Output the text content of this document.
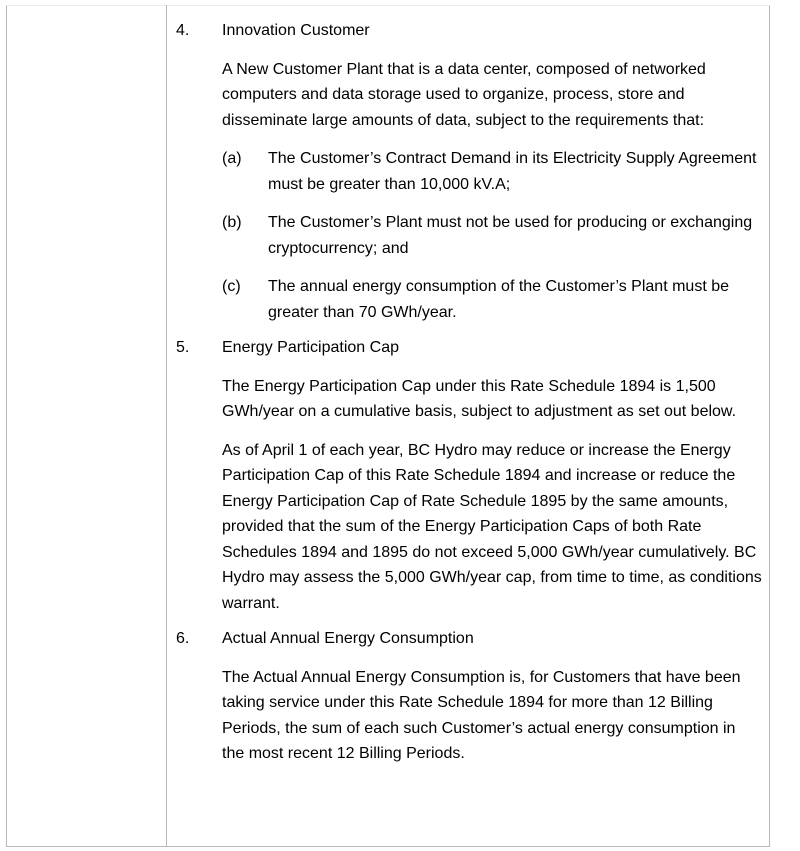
4. Innovation Customer

A New Customer Plant that is a data center, composed of networked computers and data storage used to organize, process, store and disseminate large amounts of data, subject to the requirements that:

(a) The Customer’s Contract Demand in its Electricity Supply Agreement must be greater than 10,000 kV.A;
(b) The Customer’s Plant must not be used for producing or exchanging cryptocurrency; and
(c) The annual energy consumption of the Customer’s Plant must be greater than 70 GWh/year.
5. Energy Participation Cap

The Energy Participation Cap under this Rate Schedule 1894 is 1,500 GWh/year on a cumulative basis, subject to adjustment as set out below.

As of April 1 of each year, BC Hydro may reduce or increase the Energy Participation Cap of this Rate Schedule 1894 and increase or reduce the Energy Participation Cap of Rate Schedule 1895 by the same amounts, provided that the sum of the Energy Participation Caps of both Rate Schedules 1894 and 1895 do not exceed 5,000 GWh/year cumulatively. BC Hydro may assess the 5,000 GWh/year cap, from time to time, as conditions warrant.

6. Actual Annual Energy Consumption

The Actual Annual Energy Consumption is, for Customers that have been taking service under this Rate Schedule 1894 for more than 12 Billing Periods, the sum of each such Customer’s actual energy consumption in the most recent 12 Billing Periods.
